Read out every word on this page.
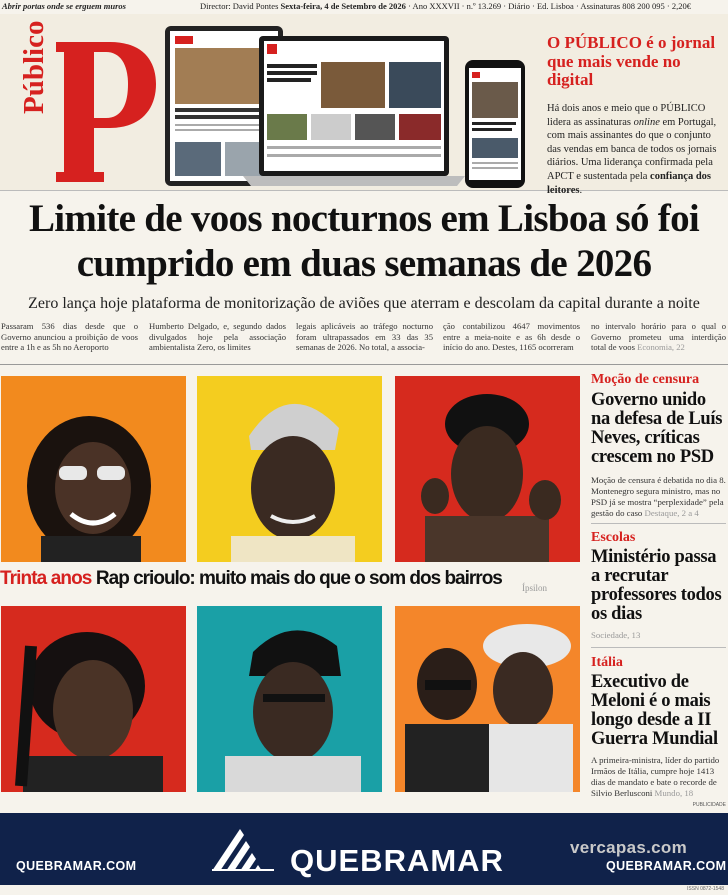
Abrir portas onde se erguem muros	Director: David Pontes Sexta-feira, 4 de Setembro de 2026 · Ano XXXVII · n.º 13.269 · Diário · Ed. Lisboa · Assinaturas 808 200 095 · 2,20€
Público	O PÚBLICO é o jornal que mais vende no digital
Há dois anos e meio que o PÚBLICO lidera as assinaturas online em Portugal, com mais assinantes do que o conjunto das vendas em banca de todos os jornais diários. Uma liderança confirmada pela APCT e sustentada pela confiança dos leitores.
Limite de voos nocturnos em Lisboa só foi cumprido em duas semanas de 2026
Zero lança hoje plataforma de monitorização de aviões que aterram e descolam da capital durante a noite
Passaram 536 dias desde que o Governo anunciou a proibição de voos entre a 1h e as 5h no Aeroporto
Humberto Delgado, e, segundo dados divulgados hoje pela associação ambientalista Zero, os limites
legais aplicáveis ao tráfego nocturno foram ultrapassados em 33 das 35 semanas de 2026. No total, a associa-
ção contabilizou 4647 movimentos entre a meia-noite e as 6h desde o início do ano. Destes, 1165 ocorreram
no intervalo horário para o qual o Governo prometeu uma interdição total de voos Economia, 22
Trinta anos Rap crioulo: muito mais do que o som dos bairros Ípsilon
Moção de censura
Governo unido na defesa de Luís Neves, críticas crescem no PSD
Moção de censura é debatida no dia 8. Montenegro segura ministro, mas no PSD já se mostra “perplexidade” pela gestão do caso Destaque, 2 a 4
Escolas
Ministério passa a recrutar professores todos os dias
Sociedade, 13
Itália
Executivo de Meloni é o mais longo desde a II Guerra Mundial
A primeira-ministra, líder do partido Irmãos de Itália, cumpre hoje 1413 dias de mandato e bate o recorde de Silvio Berlusconi Mundo, 18
PUBLICIDADE
QUEBRAMAR.COM	QUEBRAMAR	QUEBRAMAR.COM
vercapas.com
ISSN 0872-1548
